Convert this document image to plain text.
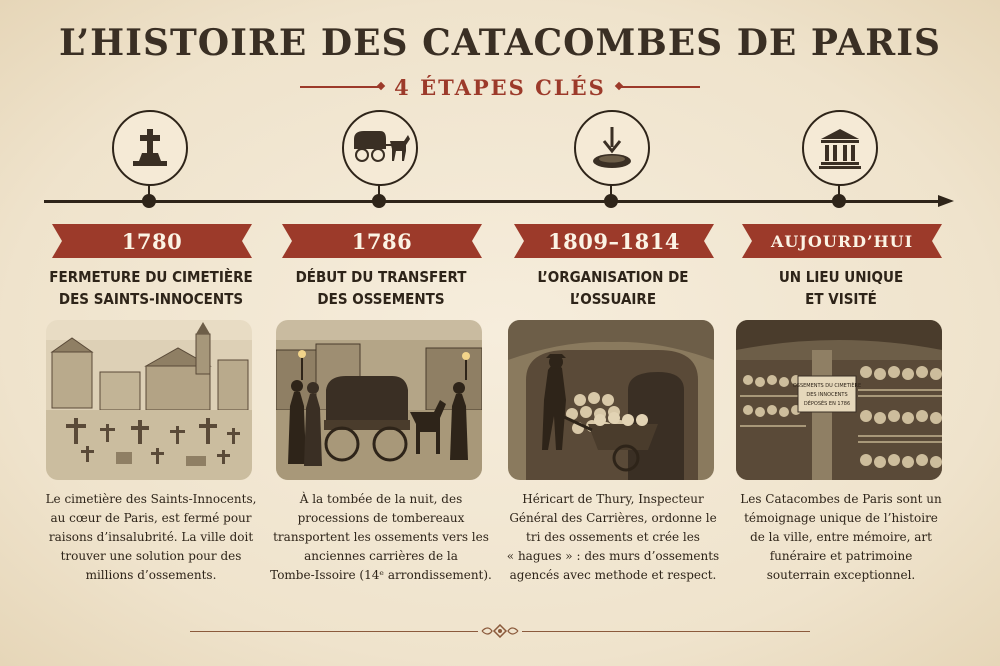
L’HISTOIRE DES CATACOMBES DE PARIS
4 ÉTAPES CLÉS
1780
FERMETURE DU CIMETIÈRE
DES SAINTS-INNOCENTS
Le cimetière des Saints-Innocents,
au cœur de Paris, est fermé pour
raisons d’insalubrité. La ville doit
trouver une solution pour des
millions d’ossements.
1786
DÉBUT DU TRANSFERT
DES OSSEMENTS
À la tombée de la nuit, des
processions de tombereaux
transportent les ossements vers les
anciennes carrières de la
Tombe-Issoire (14ᵉ arrondissement).
1809–1814
L’ORGANISATION DE
L’OSSUAIRE
Héricart de Thury, Inspecteur
Général des Carrières, ordonne le
tri des ossements et crée les
« hagues » : des murs d’ossements
agencés avec methode et respect.
AUJOURD’HUI
UN LIEU UNIQUE
ET VISITÉ
OSSEMENTS DU CIMETIÈRE
DES INNOCENTS
DÉPOSÉS EN 1786
Les Catacombes de Paris sont un
témoignage unique de l’histoire
de la ville, entre mémoire, art
funéraire et patrimoine
souterrain exceptionnel.
